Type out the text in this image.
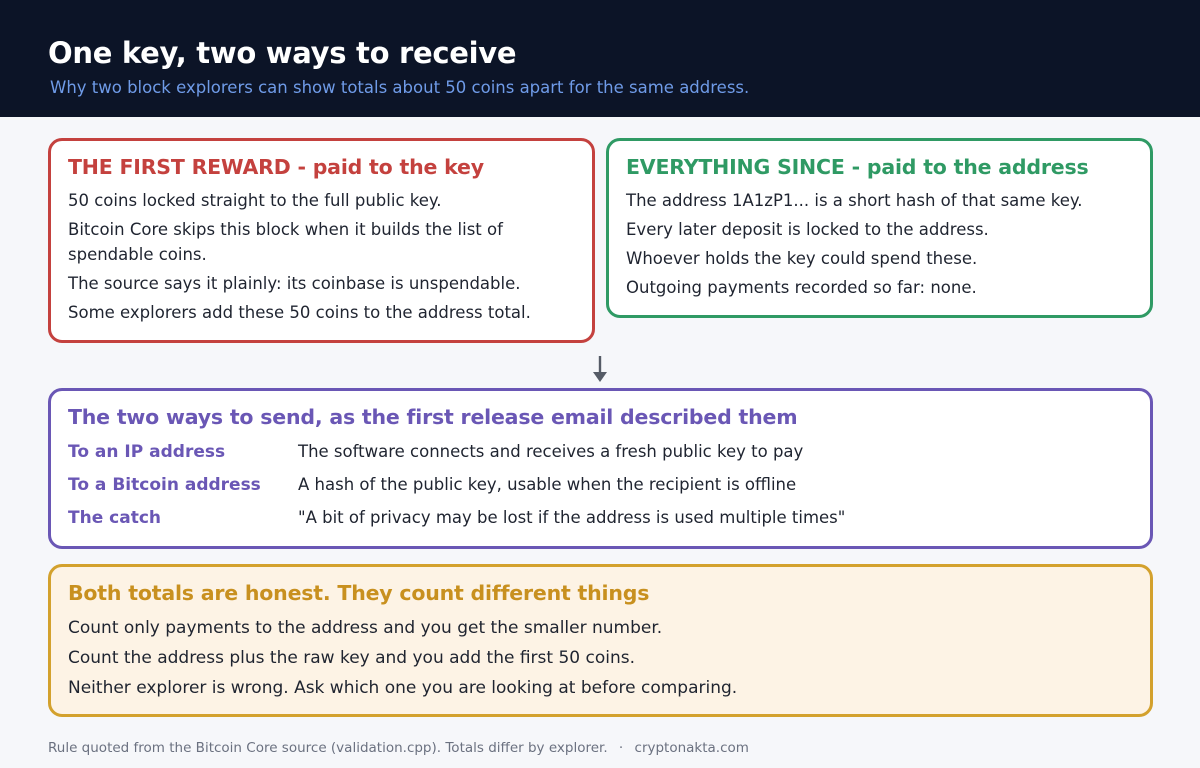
One key, two ways to receive
Why two block explorers can show totals about 50 coins apart for the same address.
THE FIRST REWARD - paid to the key
50 coins locked straight to the full public key.
Bitcoin Core skips this block when it builds the list of spendable coins.
The source says it plainly: its coinbase is unspendable.
Some explorers add these 50 coins to the address total.
EVERYTHING SINCE - paid to the address
The address 1A1zP1... is a short hash of that same key.
Every later deposit is locked to the address.
Whoever holds the key could spend these.
Outgoing payments recorded so far: none.
The two ways to send, as the first release email described them
To an IP address	The software connects and receives a fresh public key to pay
To a Bitcoin address A hash of the public key, usable when the recipient is offline
The catch	"A bit of privacy may be lost if the address is used multiple times"
Both totals are honest. They count different things
Count only payments to the address and you get the smaller number.
Count the address plus the raw key and you add the first 50 coins.
Neither explorer is wrong. Ask which one you are looking at before comparing.
Rule quoted from the Bitcoin Core source (validation.cpp). Totals differ by explorer. · cryptonakta.com
